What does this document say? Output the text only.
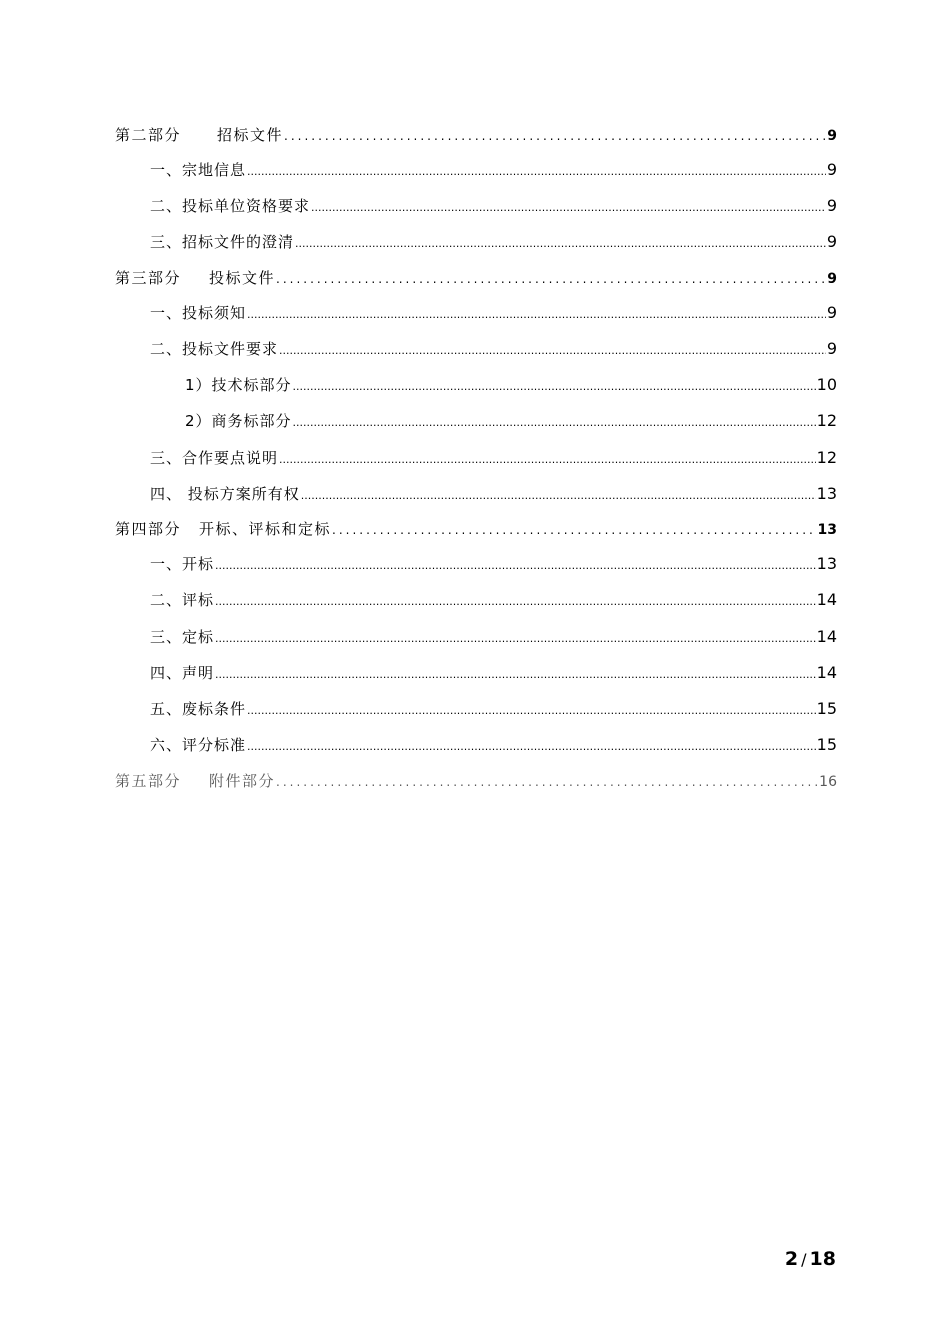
第二部分 招标文件 .....	9
一、宗地信息 .....	9
二、投标单位资格要求 .....	9
三、招标文件的澄清 .....	9
第三部分 投标文件 .....	9
一、投标须知 .....	9
二、投标文件要求 .....	9
1）技术标部分 .....	10
2）商务标部分 .....	12
三、合作要点说明 .....	12
四、 投标方案所有权 .....	13
第四部分 开标、评标和定标 .....	13
一、开标 .....	13
二、评标 .....	14
三、定标 .....	14
四、声明 .....	14
五、废标条件 .....	15
六、评分标准 .....	15
第五部分 附件部分 .....	16
2 / 18
